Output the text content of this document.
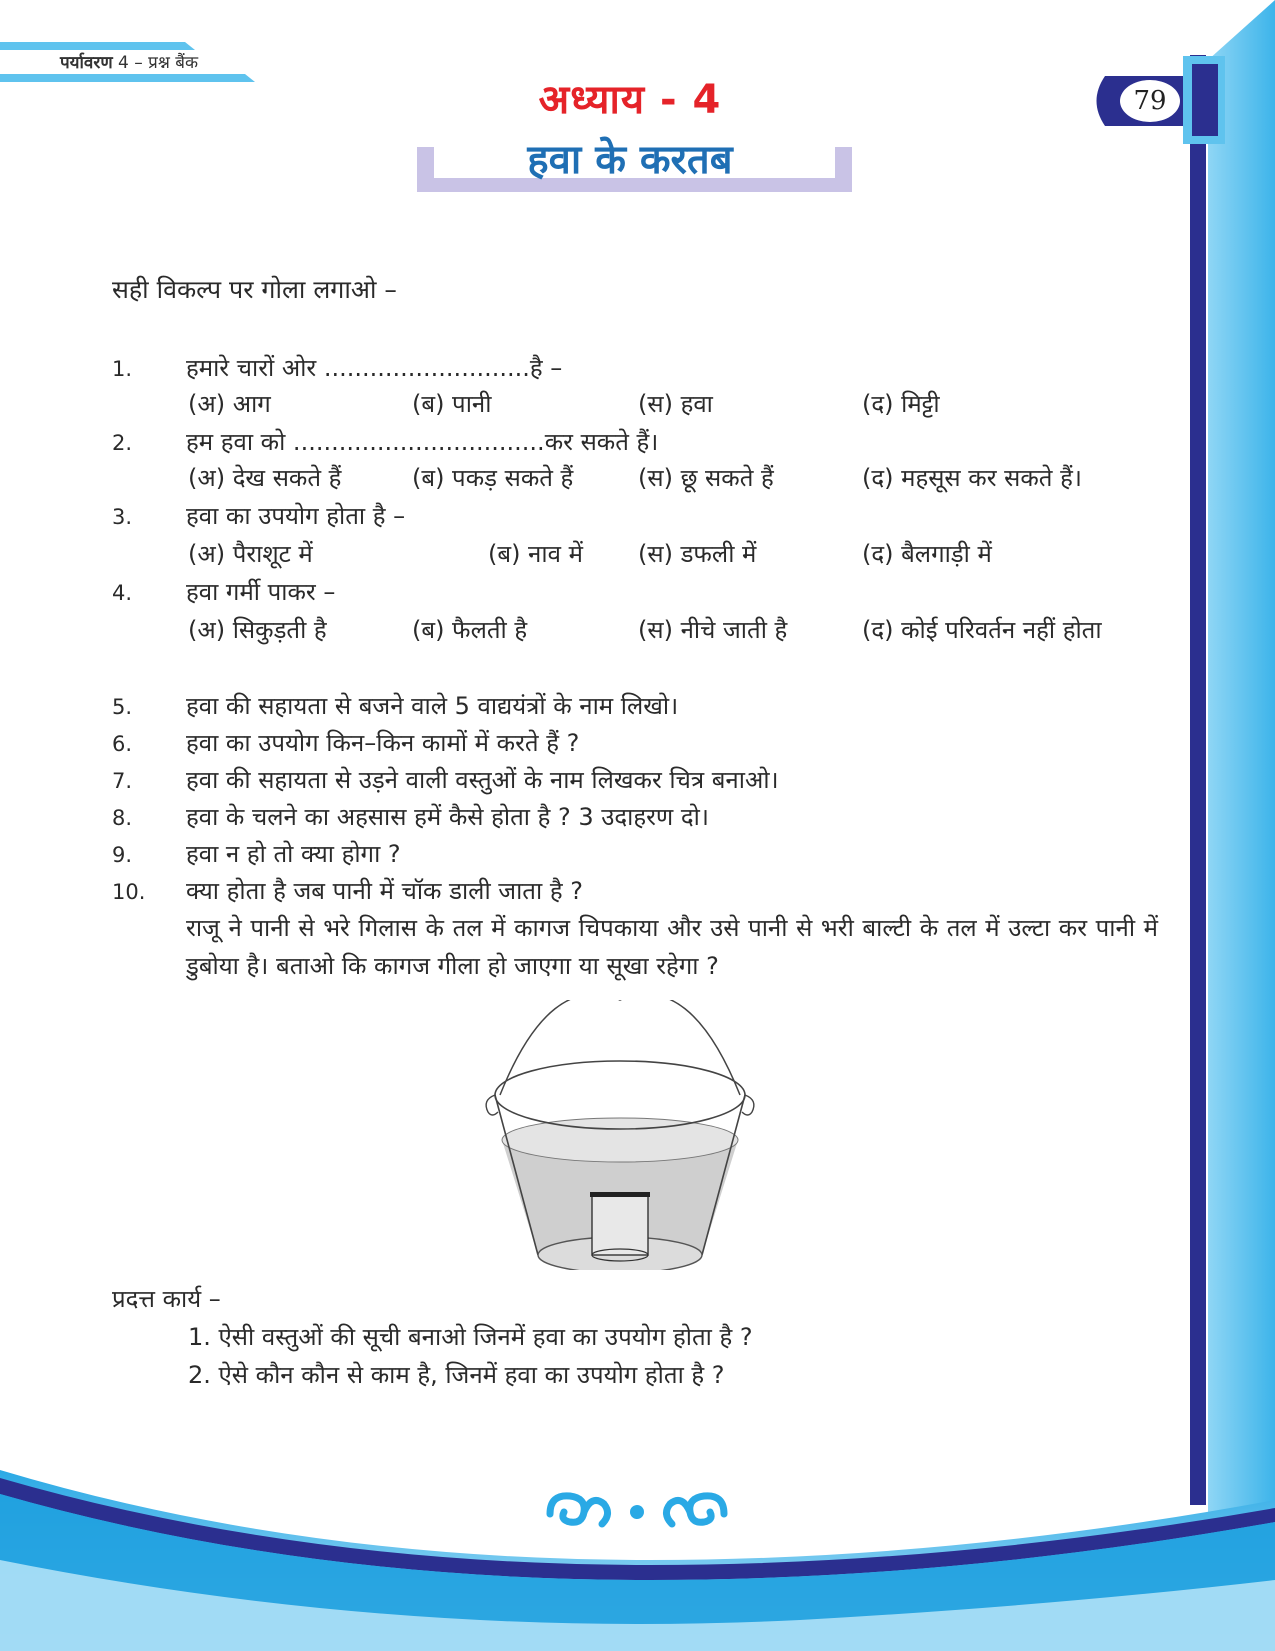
पर्यावरण 4 – प्रश्न बैंक
79
अध्याय - 4
हवा के करतब
सही विकल्प पर गोला लगाओ –
1. हमारे चारों ओर ...........................है –
(अ) आग	(ब) पानी	(स) हवा	(द) मिट्टी
2. हम हवा को .................................कर सकते हैं।
(अ) देख सकते हैं	(ब) पकड़ सकते हैं	(स) छू सकते हैं	(द) महसूस कर सकते हैं।
3. हवा का उपयोग होता है –
(अ) पैराशूट में	(ब) नाव में (स) डफली में	(द) बैलगाड़ी में
4. हवा गर्मी पाकर –
(अ) सिकुड़ती है	(ब) फैलती है	(स) नीचे जाती है	(द) कोई परिवर्तन नहीं होता
5. हवा की सहायता से बजने वाले 5 वाद्ययंत्रों के नाम लिखो।
6. हवा का उपयोग किन–किन कामों में करते हैं ?
7. हवा की सहायता से उड़ने वाली वस्तुओं के नाम लिखकर चित्र बनाओ।
8. हवा के चलने का अहसास हमें कैसे होता है ? 3 उदाहरण दो।
9. हवा न हो तो क्या होगा ?
10. क्या होता है जब पानी में चॉक डाली जाता है ?
राजू ने पानी से भरे गिलास के तल में कागज चिपकाया और उसे पानी से भरी बाल्टी के तल में उल्टा कर पानी में डुबोया है। बताओ कि कागज गीला हो जाएगा या सूखा रहेगा ?
प्रदत्त कार्य –
1. ऐसी वस्तुओं की सूची बनाओ जिनमें हवा का उपयोग होता है ?
2. ऐसे कौन कौन से काम है, जिनमें हवा का उपयोग होता है ?
